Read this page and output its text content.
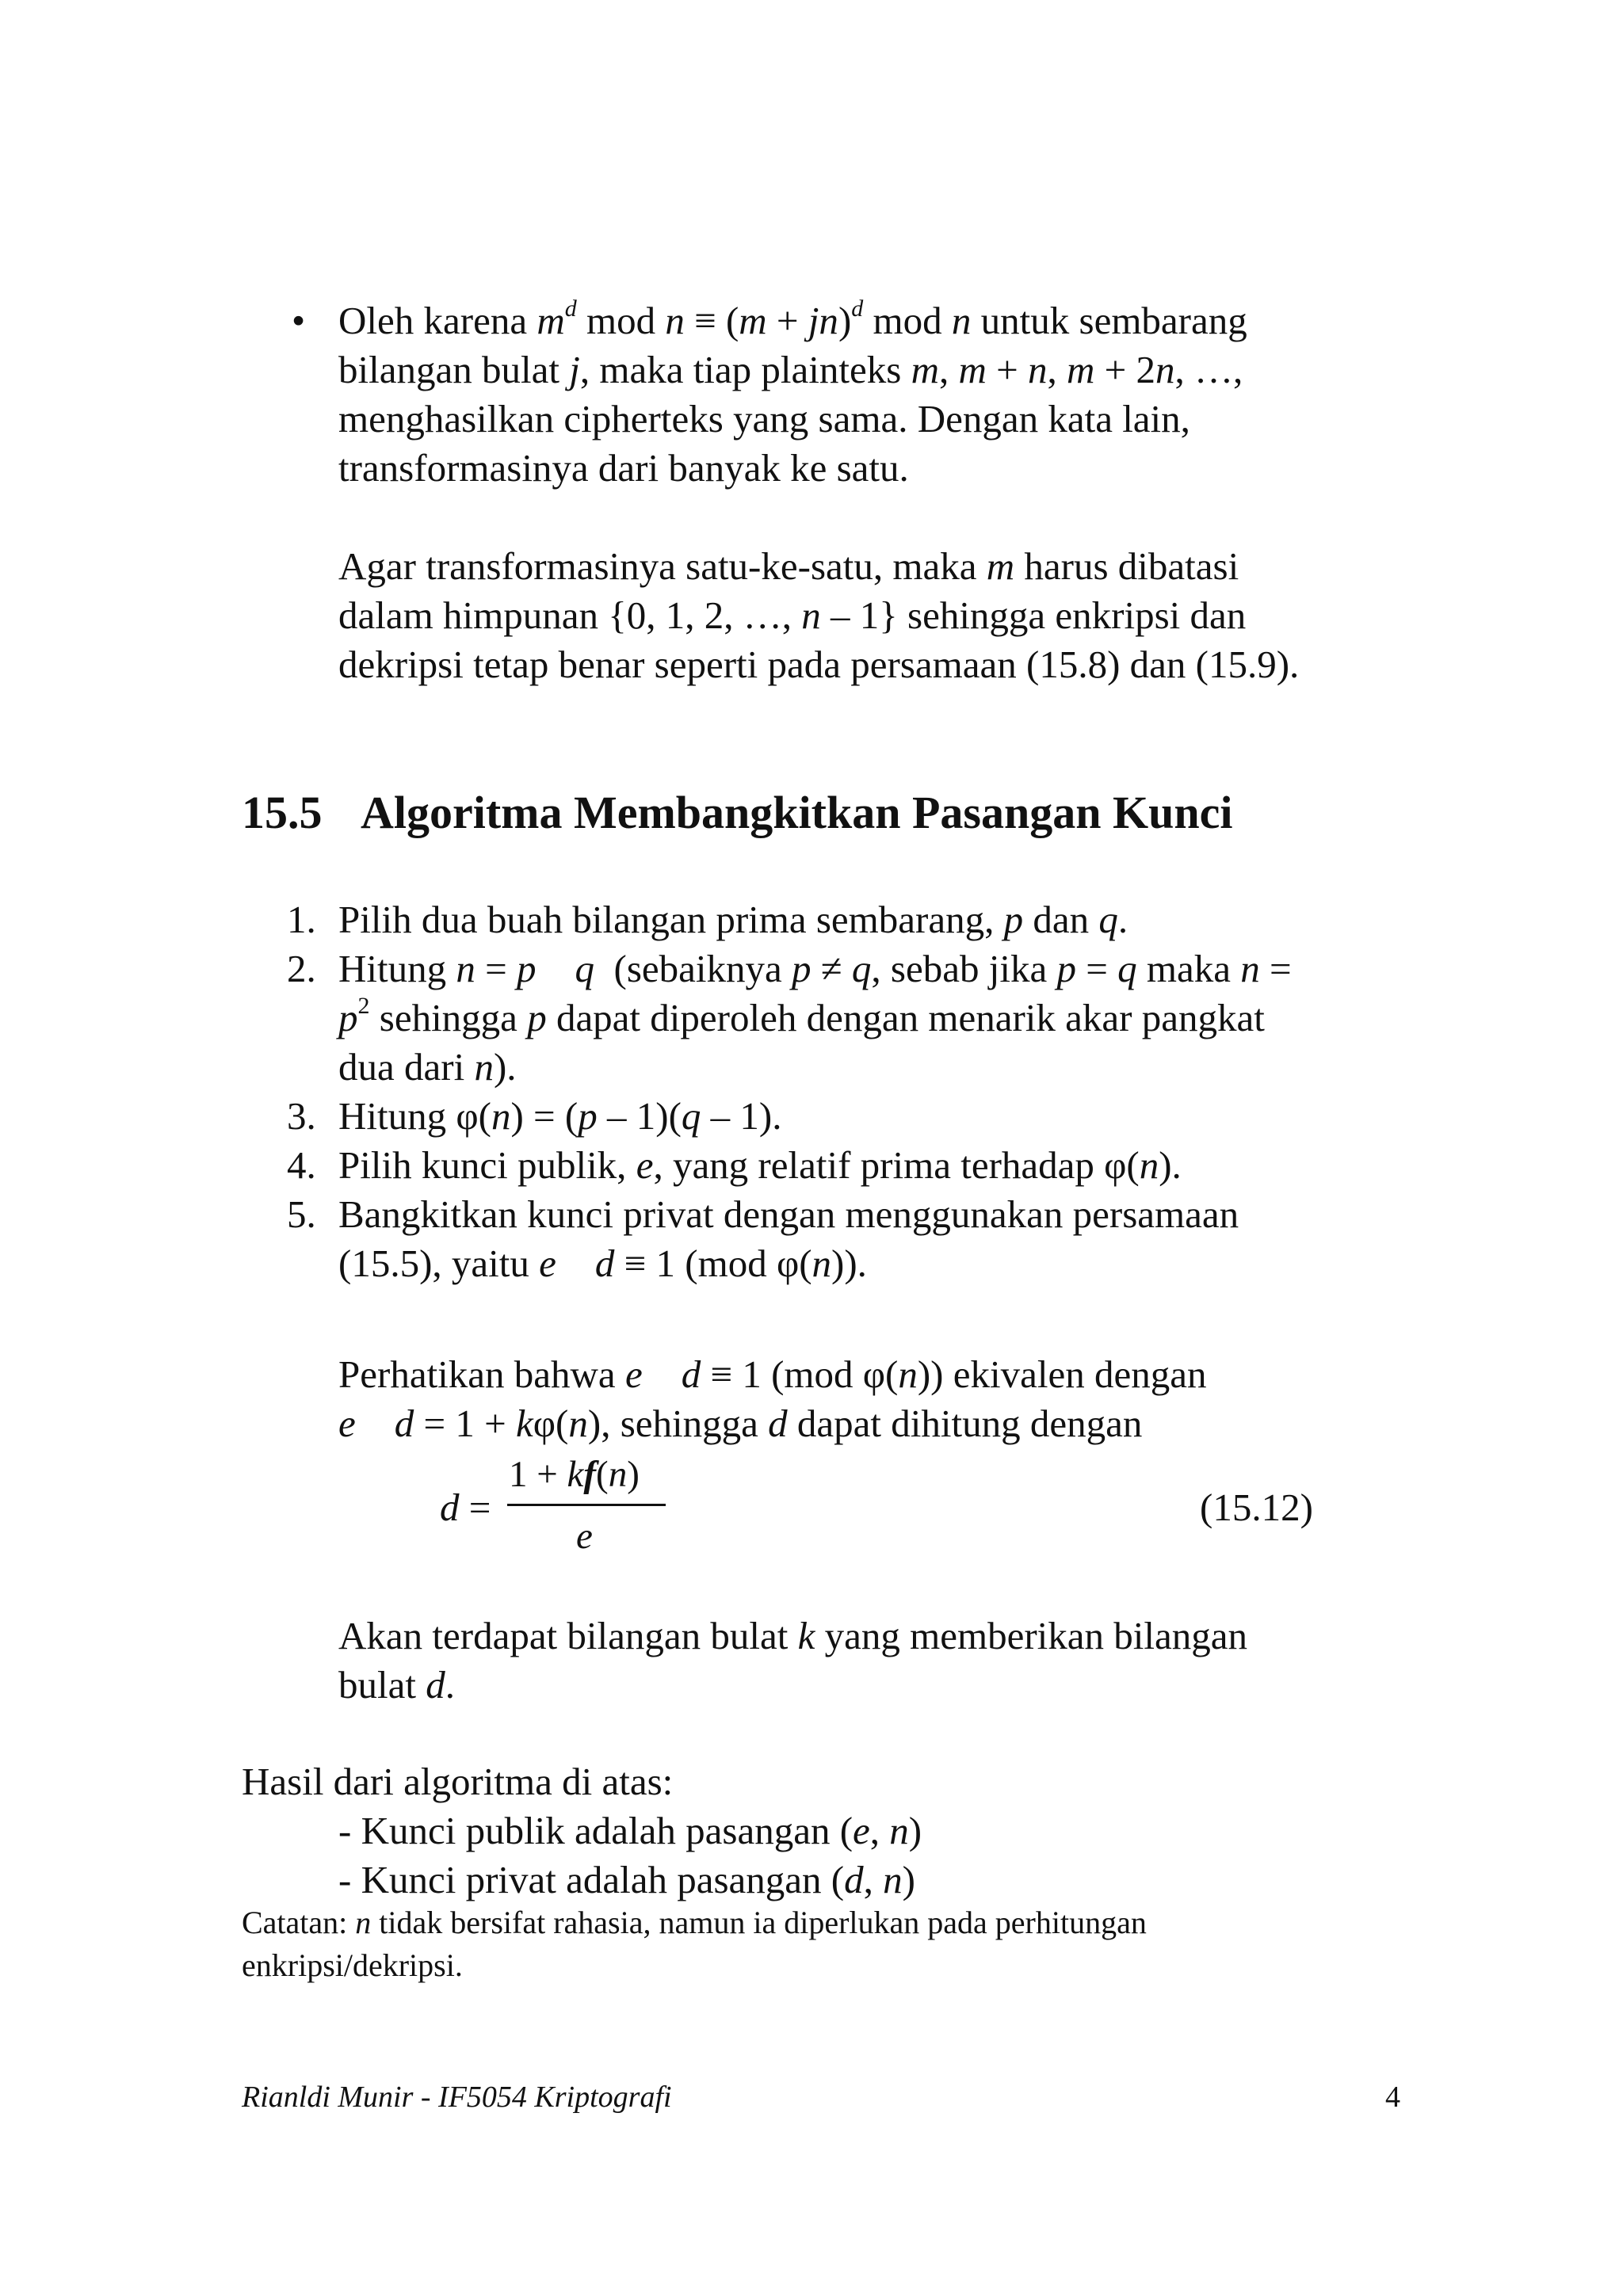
• Oleh karena $m^d$ mod n ≡ (m + jn)$^d$ mod n untuk sembarang
bilangan bulat j, maka tiap plainteks m, m + n, m + 2n, …,
menghasilkan cipherteks yang sama. Dengan kata lain,
transformasinya dari banyak ke satu.
Agar transformasinya satu-ke-satu, maka m harus dibatasi
dalam himpunan {0, 1, 2, …, n – 1} sehingga enkripsi dan
dekripsi tetap benar seperti pada persamaan (15.8) dan (15.9).
15.5 Algoritma Membangkitkan Pasangan Kunci
1. Pilih dua buah bilangan prima sembarang, p dan q.
2. Hitung n = p q  (sebaiknya p ≠ q, sebab jika p = q maka n =
$p^2$ sehingga p dapat diperoleh dengan menarik akar pangkat
dua dari n).
3. Hitung φ(n) = (p – 1)(q – 1).
4. Pilih kunci publik, e, yang relatif prima terhadap φ(n).
5. Bangkitkan kunci privat dengan menggunakan persamaan
(15.5), yaitu e d ≡ 1 (mod φ(n)).
Perhatikan bahwa e d ≡ 1 (mod φ(n)) ekivalen dengan
e d = 1 + kφ(n), sehingga d dapat dihitung dengan
d =
1 + kf(n)
e
(15.12)
Akan terdapat bilangan bulat k yang memberikan bilangan
bulat d.
Hasil dari algoritma di atas:
- Kunci publik adalah pasangan (e, n)
- Kunci privat adalah pasangan (d, n)
Catatan: n tidak bersifat rahasia, namun ia diperlukan pada perhitungan
enkripsi/dekripsi.
Rianldi Munir - IF5054 Kriptografi	4
